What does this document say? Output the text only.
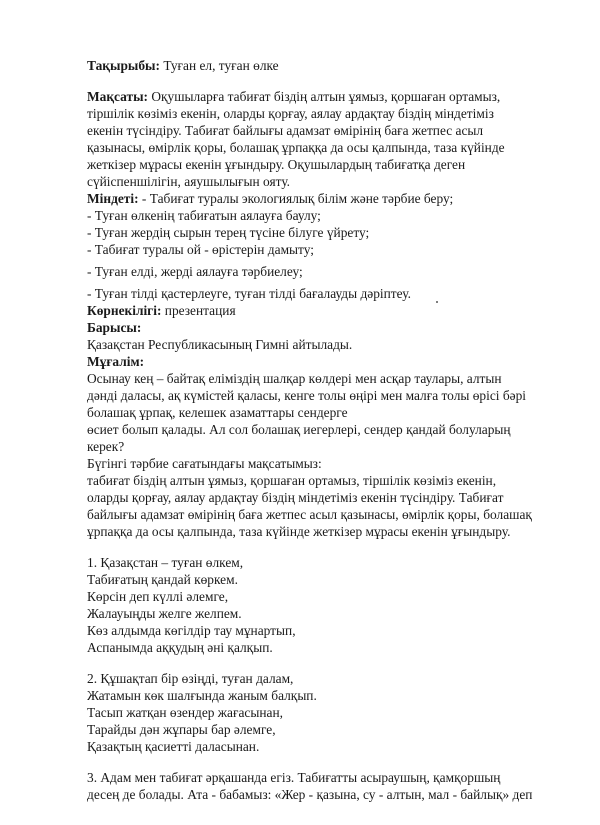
Тақырыбы: Туған ел, туған өлке
Мақсаты: Оқушыларға табиғат біздің алтын ұямыз, қоршаған ортамыз,
тіршілік көзіміз екенін, оларды қорғау, аялау ардақтау біздің міндетіміз
екенін түсіндіру. Табиғат байлығы адамзат өмірінің баға жетпес асыл
қазынасы, өмірлік қоры, болашақ ұрпаққа да осы қалпында, таза күйінде
жеткізер мұрасы екенін ұғындыру. Оқушылардың табиғатқа деген
сүйіспеншілігін, аяушылығын ояту.
Міндеті: - Табиғат туралы экологиялық білім және тәрбие беру;
- Туған өлкенің табиғатын аялауға баулу;
- Туған жердің сырын терең түсіне білуге үйрету;
- Табиғат туралы ой - өрістерін дамыту;
- Туған елді, жерді аялауға тәрбиелеу;
- Туған тілді қастерлеуге, туған тілді бағалауды дәріптеу.
Көрнекілігі: презентация
Барысы:
Қазақстан Республикасының Гимні айтылады.
Мұғалім:
Осынау кең – байтақ еліміздің шалқар көлдері мен асқар таулары, алтын
дәнді даласы, ақ күмістей қаласы, кенге толы өңірі мен малға толы өрісі бәрі
болашақ ұрпақ, келешек азаматтары сендерге
өсиет болып қалады. Ал сол болашақ иегерлері, сендер қандай болуларың
керек?
Бүгінгі тәрбие сағатындағы мақсатымыз:
табиғат біздің алтын ұямыз, қоршаған ортамыз, тіршілік көзіміз екенін,
оларды қорғау, аялау ардақтау біздің міндетіміз екенін түсіндіру. Табиғат
байлығы адамзат өмірінің баға жетпес асыл қазынасы, өмірлік қоры, болашақ
ұрпаққа да осы қалпында, таза күйінде жеткізер мұрасы екенін ұғындыру.
1. Қазақстан – туған өлкем,
Табиғатың қандай көркем.
Көрсін деп күллі әлемге,
Жалауыңды желге желпем.
Көз алдымда көгілдір тау мұнартып,
Аспанымда аққудың әні қалқып.
2. Құшақтап бір өзіңді, туған далам,
Жатамын көк шалғында жаным балқып.
Тасып жатқан өзендер жағасынан,
Тарайды дән жұпары бар әлемге,
Қазақтың қасиетті даласынан.
3. Адам мен табиғат әрқашанда егіз. Табиғатты асыраушың, қамқоршың
десең де болады. Ата - бабамыз: «Жер - қазына, су - алтын, мал - байлық» деп
